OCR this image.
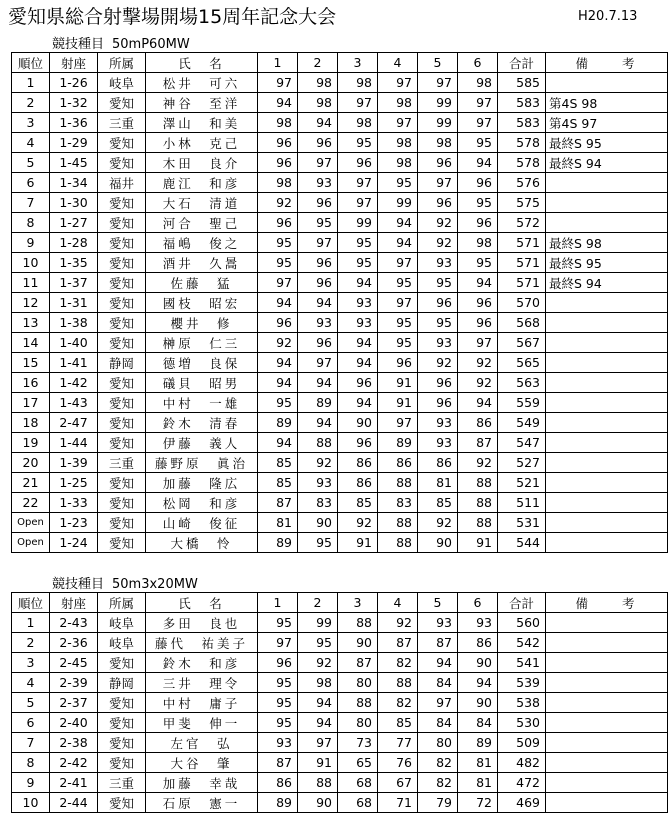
愛知県総合射撃場開場15周年記念大会	H20.7.13
競技種目 50mP60MW
順位	射座	所属	氏　名	1	2	3	4	5	6	合計	備　　考
1	1-26	岐阜	松井　可六	97	98	98	97	97	98	585	
2	1-32	愛知	神谷　至洋	94	98	97	98	99	97	583	第4S 98
3	1-36	三重	澤山　和美	98	94	98	97	99	97	583	第4S 97
4	1-29	愛知	小林　克己	96	96	95	98	98	95	578	最終S 95
5	1-45	愛知	木田　良介	96	97	96	98	96	94	578	最終S 94
6	1-34	福井	鹿江　和彦	98	93	97	95	97	96	576	
7	1-30	愛知	大石　清道	92	96	97	99	96	95	575	
8	1-27	愛知	河合　聖己	96	95	99	94	92	96	572	
9	1-28	愛知	福嶋　俊之	95	97	95	94	92	98	571	最終S 98
10	1-35	愛知	酒井　久暠	95	96	95	97	93	95	571	最終S 95
11	1-37	愛知	佐藤　猛	97	96	94	95	95	94	571	最終S 94
12	1-31	愛知	國枝　昭宏	94	94	93	97	96	96	570	
13	1-38	愛知	櫻井　修	96	93	93	95	95	96	568	
14	1-40	愛知	榊原　仁三	92	96	94	95	93	97	567	
15	1-41	静岡	德増　良保	94	97	94	96	92	92	565	
16	1-42	愛知	礒貝　昭男	94	94	96	91	96	92	563	
17	1-43	愛知	中村　一雄	95	89	94	91	96	94	559	
18	2-47	愛知	鈴木　清春	89	94	90	97	93	86	549	
19	1-44	愛知	伊藤　義人	94	88	96	89	93	87	547	
20	1-39	三重	藤野原　眞治	85	92	86	86	86	92	527	
21	1-25	愛知	加藤　隆広	85	93	86	88	81	88	521	
22	1-33	愛知	松岡　和彦	87	83	85	83	85	88	511	
Open	1-23	愛知	山崎　俊征	81	90	92	88	92	88	531	
Open	1-24	愛知	大橋　怜	89	95	91	88	90	91	544	
競技種目 50m3x20MW
順位	射座	所属	氏　名	1	2	3	4	5	6	合計	備　　考
1	2-43	岐阜	多田　良也	95	99	88	92	93	93	560	
2	2-36	岐阜	藤代　祐美子	97	95	90	87	87	86	542	
3	2-45	愛知	鈴木　和彦	96	92	87	82	94	90	541	
4	2-39	静岡	三井　理令	95	98	80	88	84	94	539	
5	2-37	愛知	中村　庸子	95	94	88	82	97	90	538	
6	2-40	愛知	甲斐　伸一	95	94	80	85	84	84	530	
7	2-38	愛知	左官　弘	93	97	73	77	80	89	509	
8	2-42	愛知	大谷　肇	87	91	65	76	82	81	482	
9	2-41	三重	加藤　幸哉	86	88	68	67	82	81	472	
10	2-44	愛知	石原　憲一	89	90	68	71	79	72	469	
